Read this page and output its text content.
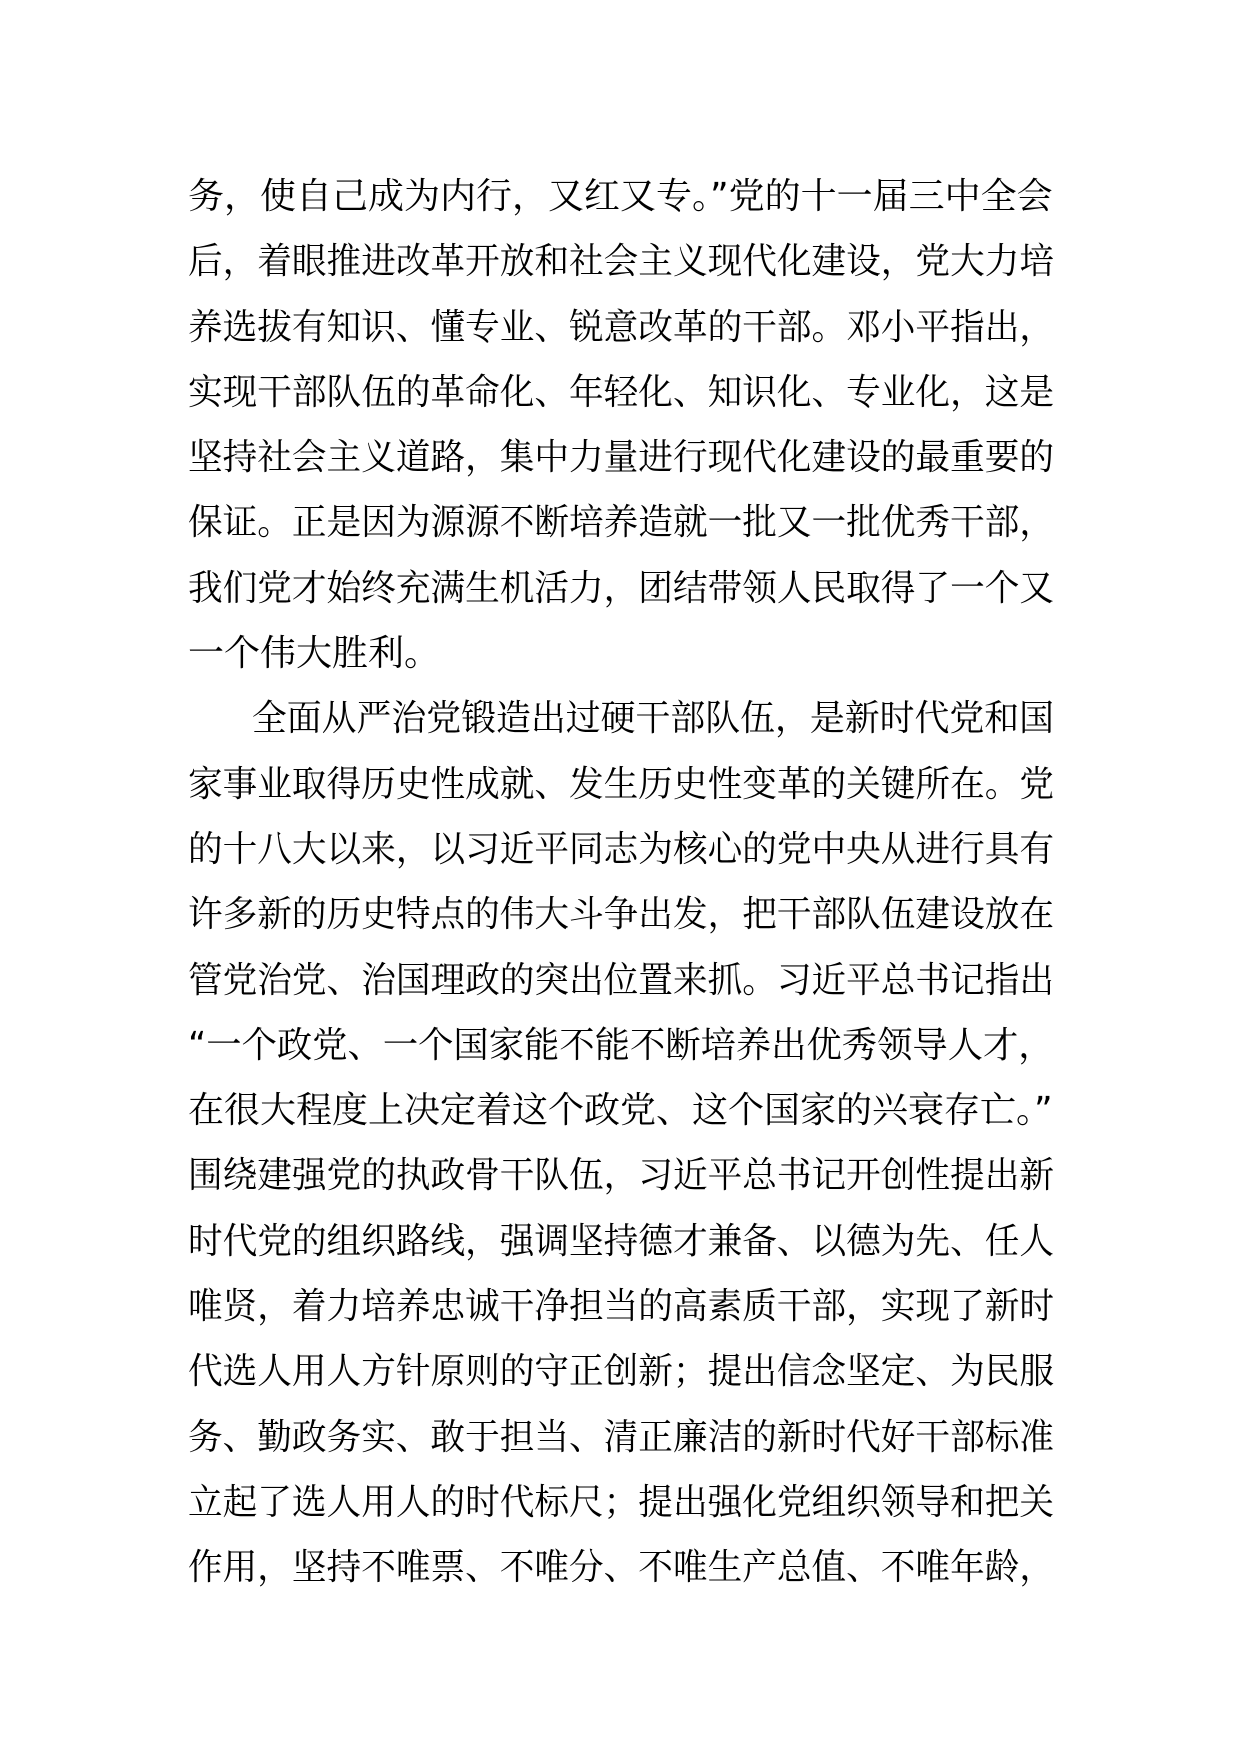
务，使自己成为内行，又红又专。”党的十一届三中全会
后，着眼推进改革开放和社会主义现代化建设，党大力培
养选拔有知识、懂专业、锐意改革的干部。邓小平指出，
实现干部队伍的革命化、年轻化、知识化、专业化，这是
坚持社会主义道路，集中力量进行现代化建设的最重要的
保证。正是因为源源不断培养造就一批又一批优秀干部，
我们党才始终充满生机活力，团结带领人民取得了一个又
一个伟大胜利。
全面从严治党锻造出过硬干部队伍，是新时代党和国
家事业取得历史性成就、发生历史性变革的关键所在。党
的十八大以来，以习近平同志为核心的党中央从进行具有
许多新的历史特点的伟大斗争出发，把干部队伍建设放在
管党治党、治国理政的突出位置来抓。习近平总书记指出
“一个政党、一个国家能不能不断培养出优秀领导人才，
在很大程度上决定着这个政党、这个国家的兴衰存亡。”
围绕建强党的执政骨干队伍，习近平总书记开创性提出新
时代党的组织路线，强调坚持德才兼备、以德为先、任人
唯贤，着力培养忠诚干净担当的高素质干部，实现了新时
代选人用人方针原则的守正创新；提出信念坚定、为民服
务、勤政务实、敢于担当、清正廉洁的新时代好干部标准
立起了选人用人的时代标尺；提出强化党组织领导和把关
作用，坚持不唯票、不唯分、不唯生产总值、不唯年龄，
